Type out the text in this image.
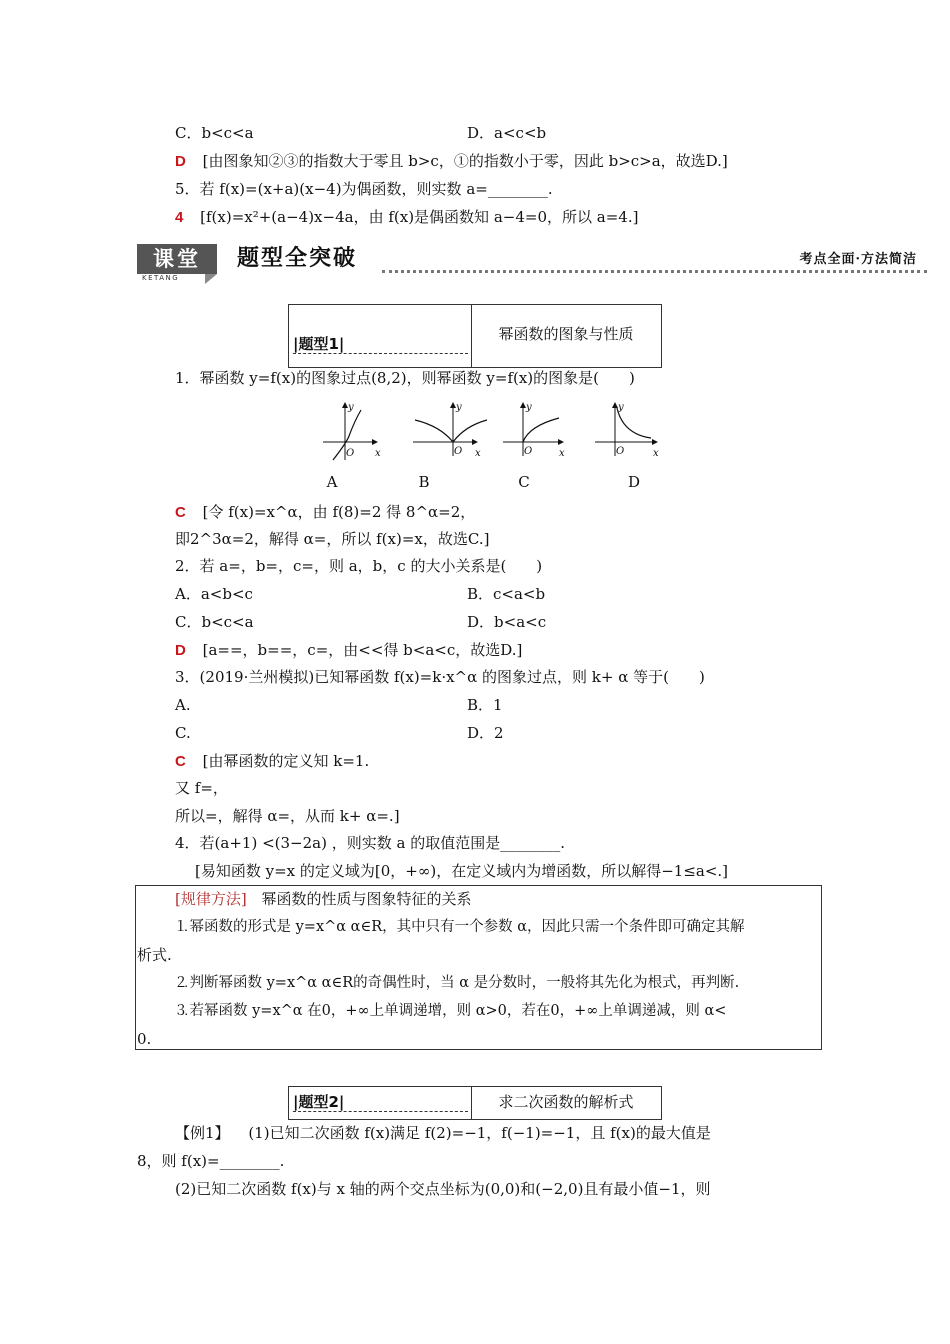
C．b<c<a	D．a<c<b
D [由图象知②③的指数大于零且 b>c，①的指数小于零，因此 b>c>a，故选D.]
5．若 f(x)=(x+a)(x−4)为偶函数，则实数 a=________.
4 [f(x)=x²+(a−4)x−4a，由 f(x)是偶函数知 a−4=0，所以 a=4.]
课堂
KETANG
题型全突破	考点全面·方法简洁
|题型1|
幂函数的图象与性质
1．幂函数 y=f(x)的图象过点(8,2)，则幂函数 y=f(x)的图象是(　　)
y
x
O
y
x
O
y
x
O
y
x
O
A	B	C	D
C [令 f(x)=x^α，由 f(8)=2 得 8^α=2，
即2^3α=2，解得 α=，所以 f(x)=x，故选C.]
2．若 a=，b=，c=，则 a，b，c 的大小关系是(　　)
A．a<b<c	B．c<a<b
C．b<c<a	D．b<a<c
D [a==，b==，c=，由<<得 b<a<c，故选D.]
3．(2019·兰州模拟)已知幂函数 f(x)=k·x^α 的图象过点，则 k+ α 等于(　　)
A.	B．1
C.	D．2
C [由幂函数的定义知 k=1.
又 f=，
所以=，解得 α=，从而 k+ α=.]
4．若(a+1) <(3−2a) ，则实数 a 的取值范围是________.
[易知函数 y=x 的定义域为[0，+∞)，在定义域内为增函数，所以解得−1≤a<.]
[规律方法] 幂函数的性质与图象特征的关系
⒈幂函数的形式是 y=x^α α∈R，其中只有一个参数 α，因此只需一个条件即可确定其解
析式.
⒉判断幂函数 y=x^α α∈R的奇偶性时，当 α 是分数时，一般将其先化为根式，再判断.
⒊若幂函数 y=x^α 在0，+∞上单调递增，则 α>0，若在0，+∞上单调递减，则 α<
0.
|题型2|	求二次函数的解析式
【例1】 (1)已知二次函数 f(x)满足 f(2)=−1，f(−1)=−1，且 f(x)的最大值是
8，则 f(x)=________.
(2)已知二次函数 f(x)与 x 轴的两个交点坐标为(0,0)和(−2,0)且有最小值−1，则
